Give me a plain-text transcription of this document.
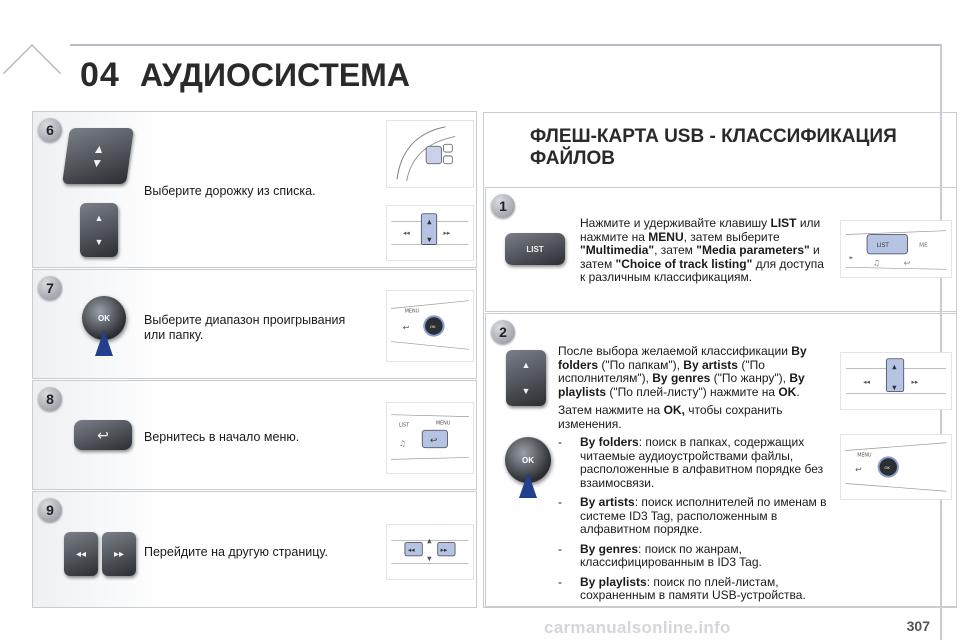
04 АУДИОСИСТЕМА
6
▲
▼
▲
▼
Выберите дорожку из списка.
◂◂	▸▸
▲
▼
7
OK	Выберите диапазон проигрывания или папку.
MENU
OK
↩
8
↩	Вернитесь в начало меню.
LIST	MENU
↩
♫
9
◂◂	▸▸ Перейдите на другую страницу.	◂◂	▸▸
▲
▼
ФЛЕШ-КАРТА USB - КЛАССИФИКАЦИЯ ФАЙЛОВ
1
LIST
Нажмите и удерживайте клавишу LIST или нажмите на MENU, затем выберите "Multimedia", затем "Media parameters" и затем "Choice of track listing" для доступа к различным классификациям.
LIST	ME
▸
♫	↩
2
▲
▼
OK

После выбора желаемой классификации By folders ("По папкам"), By artists ("По исполнителям"), By genres ("По жанру"), By playlists ("По плей-листу") нажмите на OK.

Затем нажмите на OK, чтобы сохранить изменения.

-	By folders: поиск в папках, содержащих читаемые аудиоустройствами файлы, расположенные в алфавитном порядке без взаимосвязи.
-	By artists: поиск исполнителей по именам в системе ID3 Tag, расположенным в алфавитном порядке.
-	By genres: поиск по жанрам, классифицированным в ID3 Tag.
-	By playlists: поиск по плей-листам, сохраненным в памяти USB-устройства.
◂◂	▸▸
▲
▼
MENU
OK
↩
carmanualsonline.info	307
